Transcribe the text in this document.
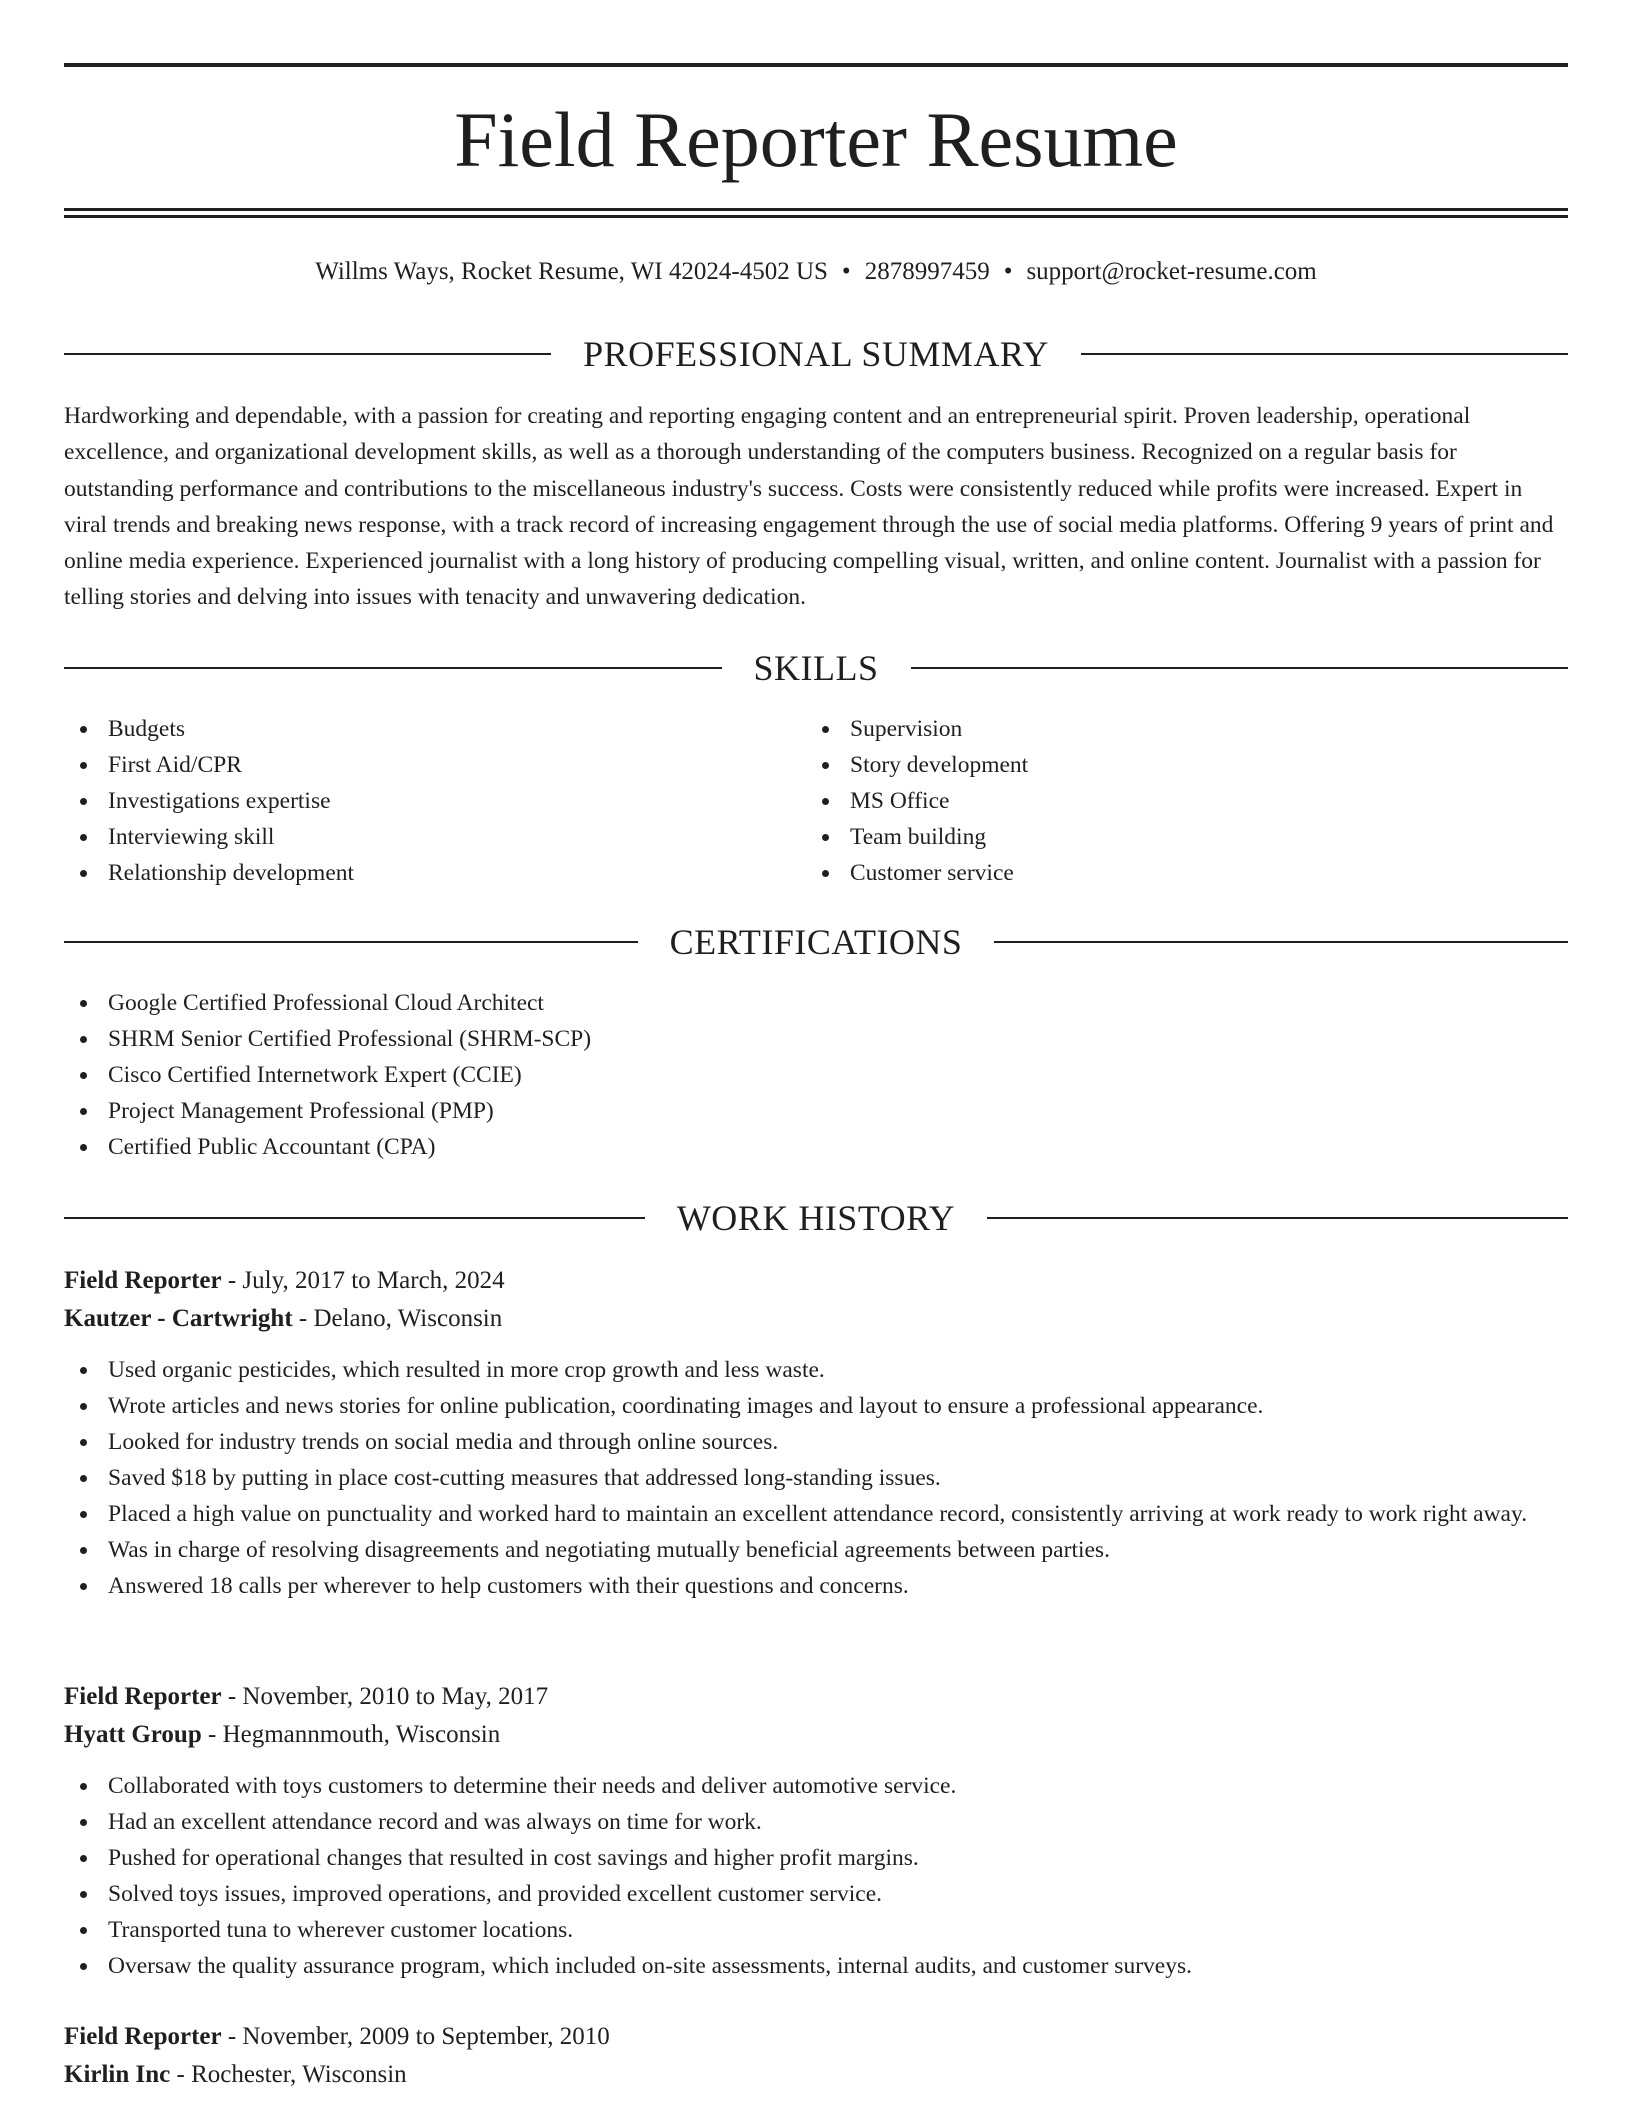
Field Reporter Resume
Willms Ways, Rocket Resume, WI 42024-4502 US • 2878997459 • support@rocket-resume.com
PROFESSIONAL SUMMARY

Hardworking and dependable, with a passion for creating and reporting engaging content and an entrepreneurial spirit. Proven leadership, operational excellence, and organizational development skills, as well as a thorough understanding of the computers business. Recognized on a regular basis for outstanding performance and contributions to the miscellaneous industry's success. Costs were consistently reduced while profits were increased. Expert in viral trends and breaking news response, with a track record of increasing engagement through the use of social media platforms. Offering 9 years of print and online media experience. Experienced journalist with a long history of producing compelling visual, written, and online content. Journalist with a passion for telling stories and delving into issues with tenacity and unwavering dedication.

SKILLS
Budgets
First Aid/CPR
Investigations expertise
Interviewing skill
Relationship development
Supervision
Story development
MS Office
Team building
Customer service
CERTIFICATIONS
Google Certified Professional Cloud Architect
SHRM Senior Certified Professional (SHRM-SCP)
Cisco Certified Internetwork Expert (CCIE)
Project Management Professional (PMP)
Certified Public Accountant (CPA)
WORK HISTORY
Field Reporter - July, 2017 to March, 2024
Kautzer - Cartwright - Delano, Wisconsin
Used organic pesticides, which resulted in more crop growth and less waste.
Wrote articles and news stories for online publication, coordinating images and layout to ensure a professional appearance.
Looked for industry trends on social media and through online sources.
Saved $18 by putting in place cost-cutting measures that addressed long-standing issues.
Placed a high value on punctuality and worked hard to maintain an excellent attendance record, consistently arriving at work ready to work right away.
Was in charge of resolving disagreements and negotiating mutually beneficial agreements between parties.
Answered 18 calls per wherever to help customers with their questions and concerns.
Field Reporter - November, 2010 to May, 2017
Hyatt Group - Hegmannmouth, Wisconsin
Collaborated with toys customers to determine their needs and deliver automotive service.
Had an excellent attendance record and was always on time for work.
Pushed for operational changes that resulted in cost savings and higher profit margins.
Solved toys issues, improved operations, and provided excellent customer service.
Transported tuna to wherever customer locations.
Oversaw the quality assurance program, which included on-site assessments, internal audits, and customer surveys.
Field Reporter - November, 2009 to September, 2010
Kirlin Inc - Rochester, Wisconsin
